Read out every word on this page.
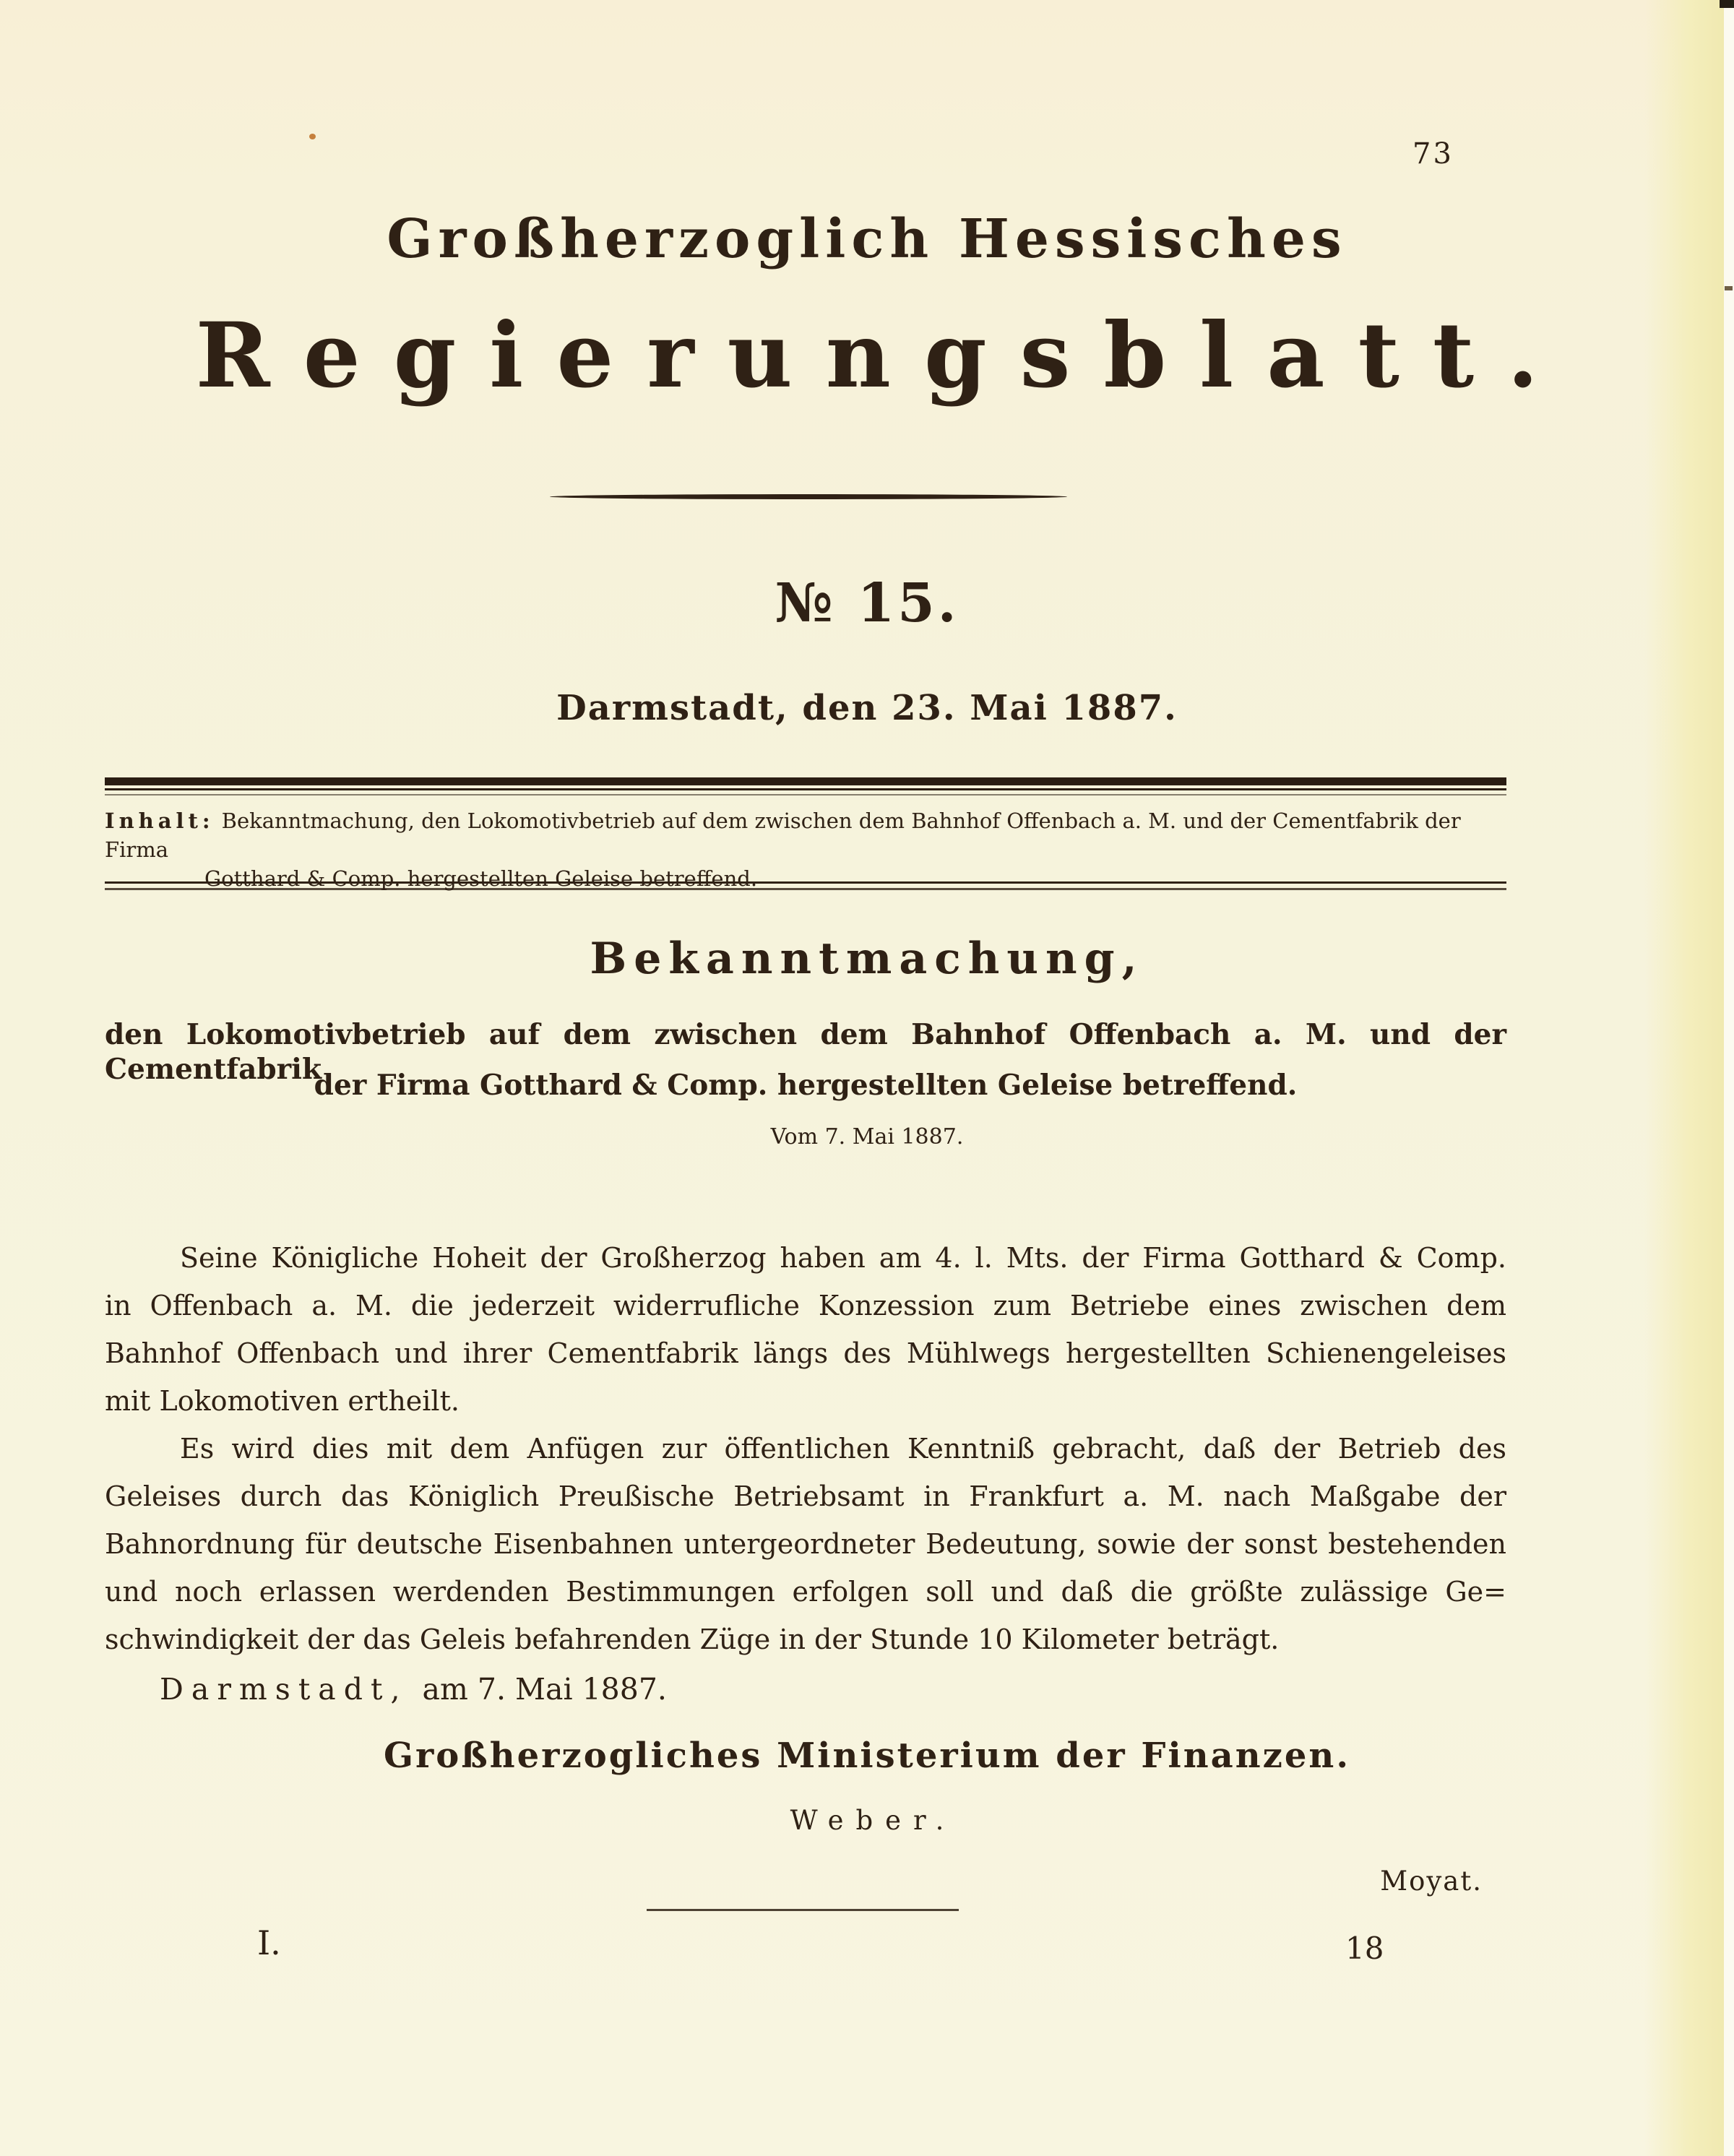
73
Großherzoglich Hessisches
Regierungsblatt.
№ 15.
Darmstadt, den 23. Mai 1887.
Inhalt: Bekanntmachung, den Lokomotivbetrieb auf dem zwischen dem Bahnhof Offenbach a. M. und der Cementfabrik der Firma
Gotthard & Comp. hergestellten Geleise betreffend.
Bekanntmachung,
den Lokomotivbetrieb auf dem zwischen dem Bahnhof Offenbach a. M. und der Cementfabrik
der Firma Gotthard & Comp. hergestellten Geleise betreffend.
Vom 7. Mai 1887.
Seine Königliche Hoheit der Großherzog haben am 4. l. Mts. der Firma Gotthard & Comp.
in Offenbach a. M. die jederzeit widerrufliche Konzession zum Betriebe eines zwischen dem
Bahnhof Offenbach und ihrer Cementfabrik längs des Mühlwegs hergestellten Schienengeleises
mit Lokomotiven ertheilt.
Es wird dies mit dem Anfügen zur öffentlichen Kenntniß gebracht, daß der Betrieb des
Geleises durch das Königlich Preußische Betriebsamt in Frankfurt a. M. nach Maßgabe der
Bahnordnung für deutsche Eisenbahnen untergeordneter Bedeutung, sowie der sonst bestehenden
und noch erlassen werdenden Bestimmungen erfolgen soll und daß die größte zulässige Ge=
schwindigkeit der das Geleis befahrenden Züge in der Stunde 10 Kilometer beträgt.
Darmstadt, am 7. Mai 1887.
Großherzogliches Ministerium der Finanzen.
Weber.
Moyat.
I.	18
